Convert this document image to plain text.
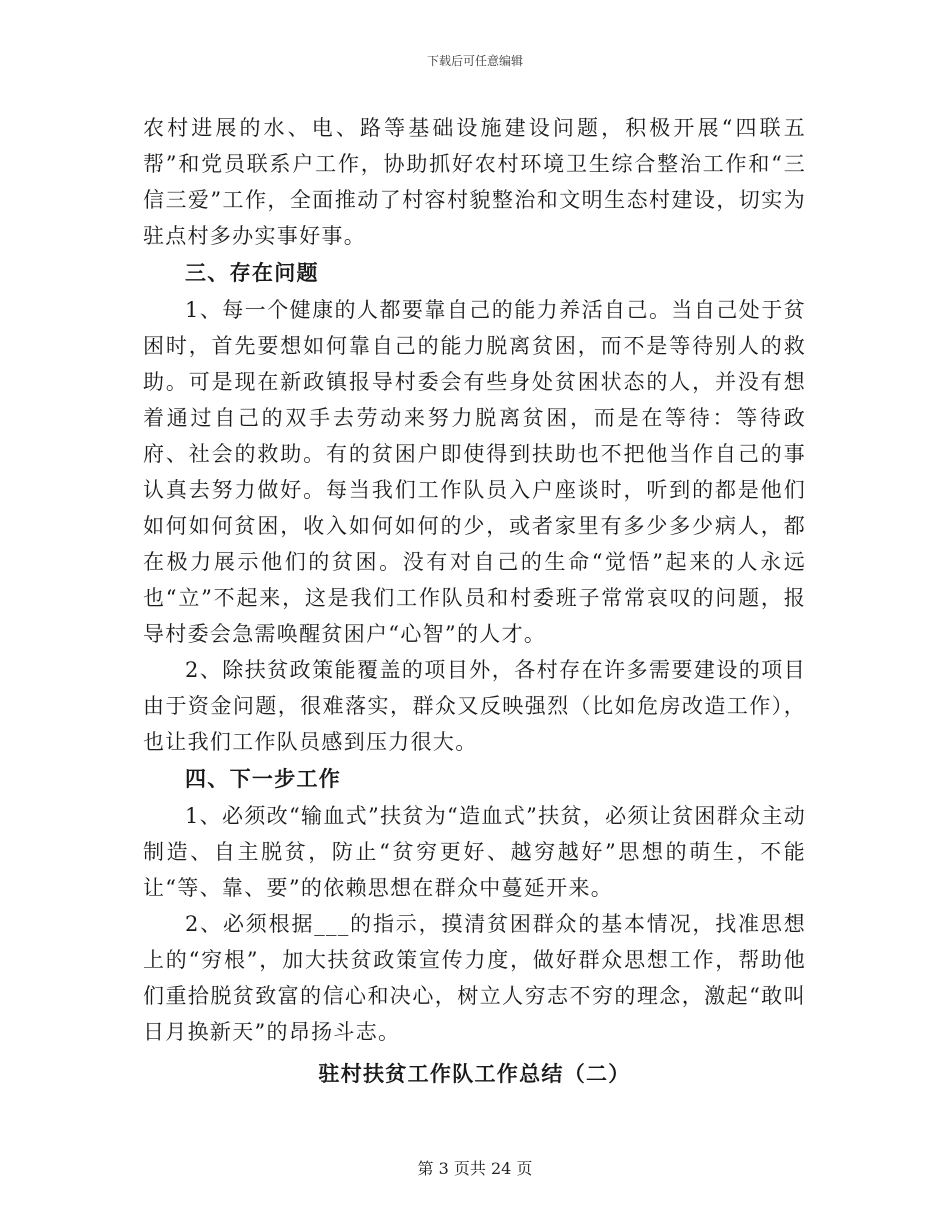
下载后可任意编辑

农村进展的水、电、路等基础设施建设问题，积极开展“四联五帮”和党员联系户工作，协助抓好农村环境卫生综合整治工作和“三信三爱”工作，全面推动了村容村貌整治和文明生态村建设，切实为驻点村多办实事好事。

三、存在问题

1、每一个健康的人都要靠自己的能力养活自己。当自己处于贫困时，首先要想如何靠自己的能力脱离贫困，而不是等待别人的救助。可是现在新政镇报导村委会有些身处贫困状态的人，并没有想着通过自己的双手去劳动来努力脱离贫困，而是在等待：等待政府、社会的救助。有的贫困户即使得到扶助也不把他当作自己的事认真去努力做好。每当我们工作队员入户座谈时，听到的都是他们如何如何贫困，收入如何如何的少，或者家里有多少多少病人，都在极力展示他们的贫困。没有对自己的生命“觉悟”起来的人永远也“立”不起来，这是我们工作队员和村委班子常常哀叹的问题，报导村委会急需唤醒贫困户“心智”的人才。

2、除扶贫政策能覆盖的项目外，各村存在许多需要建设的项目由于资金问题，很难落实，群众又反映强烈（比如危房改造工作），也让我们工作队员感到压力很大。

四、下一步工作

1、必须改“输血式”扶贫为“造血式”扶贫，必须让贫困群众主动制造、自主脱贫，防止“贫穷更好、越穷越好”思想的萌生，不能让“等、靠、要”的依赖思想在群众中蔓延开来。

2、必须根据___的指示，摸清贫困群众的基本情况，找准思想上的“穷根”，加大扶贫政策宣传力度，做好群众思想工作，帮助他们重拾脱贫致富的信心和决心，树立人穷志不穷的理念，激起“敢叫日月换新天”的昂扬斗志。

驻村扶贫工作队工作总结（二）

第 3 页共 24 页
